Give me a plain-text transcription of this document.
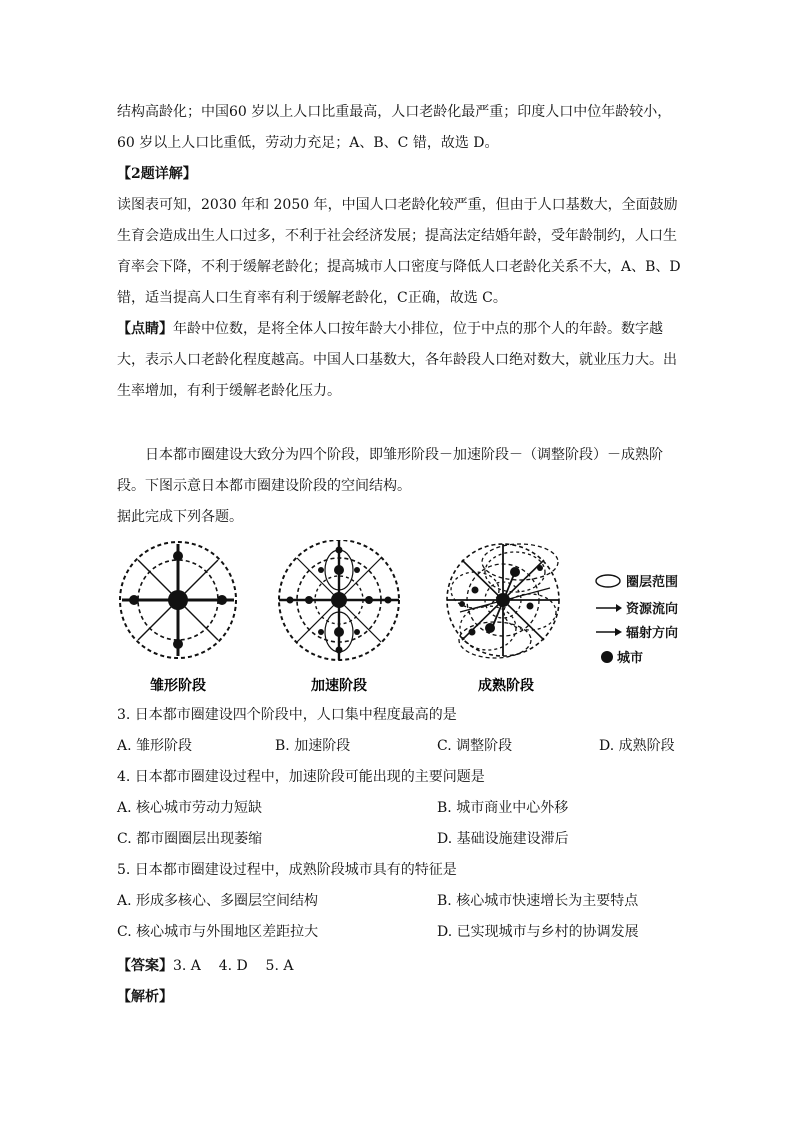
结构高龄化；中国60 岁以上人口比重最高，人口老龄化最严重；印度人口中位年龄较小，60 岁以上人口比重低，劳动力充足；A、B、C 错，故选 D。

【2题详解】

读图表可知，2030 年和 2050 年，中国人口老龄化较严重，但由于人口基数大，全面鼓励生育会造成出生人口过多，不利于社会经济发展；提高法定结婚年龄，受年龄制约，人口生育率会下降，不利于缓解老龄化；提高城市人口密度与降低人口老龄化关系不大，A、B、D错，适当提高人口生育率有利于缓解老龄化，C正确，故选 C。

【点睛】年龄中位数，是将全体人口按年龄大小排位，位于中点的那个人的年龄。数字越大，表示人口老龄化程度越高。中国人口基数大，各年龄段人口绝对数大，就业压力大。出生率增加，有利于缓解老龄化压力。

日本都市圈建设大致分为四个阶段，即雏形阶段－加速阶段－（调整阶段）－成熟阶段。下图示意日本都市圈建设阶段的空间结构。

据此完成下列各题。
圈层范围
资源流向
辐射方向
城市
雏形阶段	加速阶段	成熟阶段
3. 日本都市圈建设四个阶段中，人口集中程度最高的是
A. 雏形阶段	B. 加速阶段	C. 调整阶段	D. 成熟阶段
4. 日本都市圈建设过程中，加速阶段可能出现的主要问题是
A. 核心城市劳动力短缺	B. 城市商业中心外移
C. 都市圈圈层出现萎缩	D. 基础设施建设滞后
5. 日本都市圈建设过程中，成熟阶段城市具有的特征是
A. 形成多核心、多圈层空间结构	B. 核心城市快速增长为主要特点
C. 核心城市与外围地区差距拉大	D. 已实现城市与乡村的协调发展
【答案】 3. A    4. D    5. A
【解析】
